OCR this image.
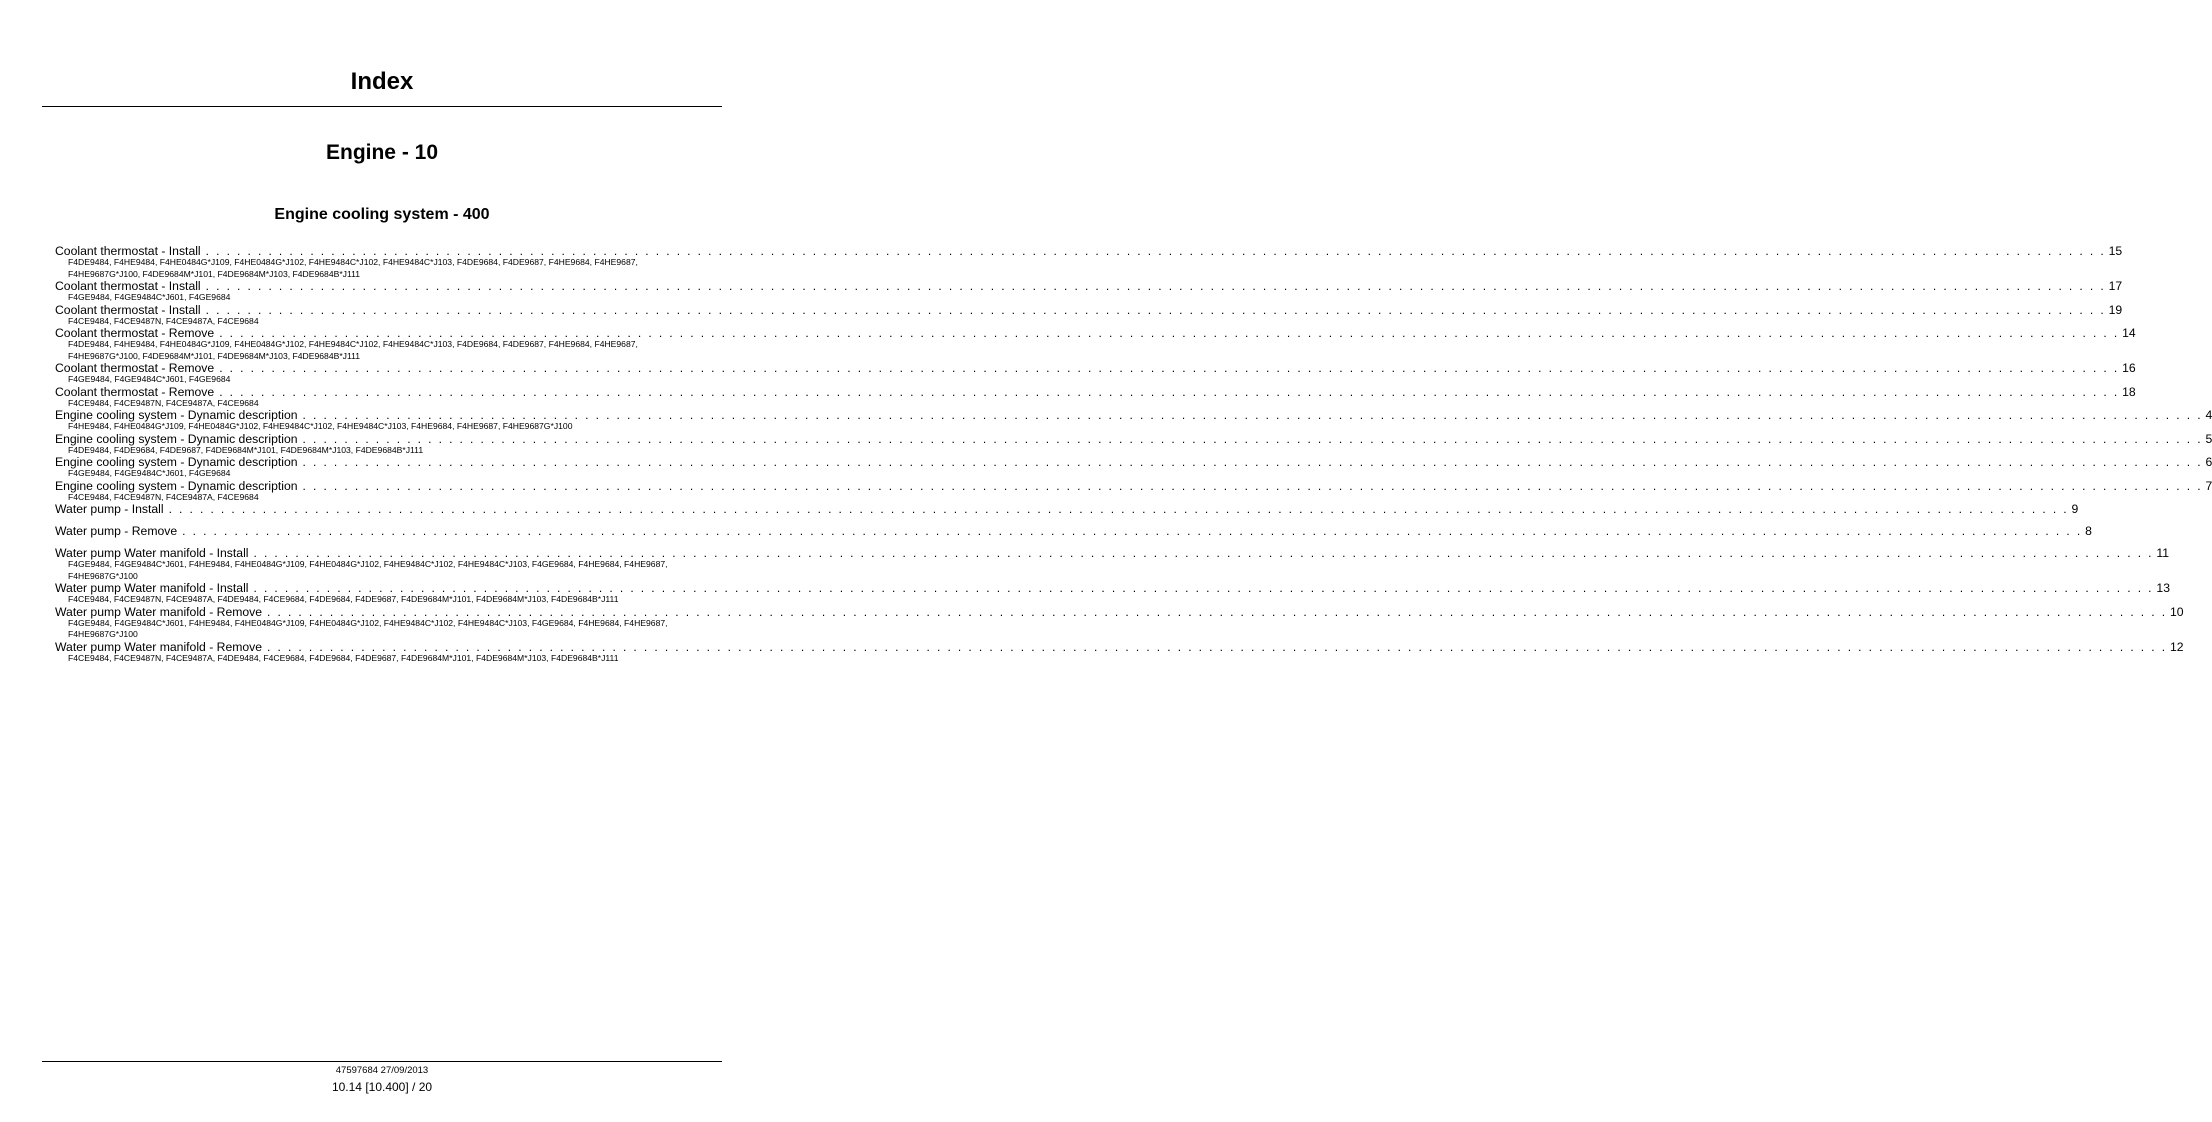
Index
Engine - 10
Engine cooling system - 400
Coolant thermostat - Install . . . . . . . . . . . . . . . . . . . . . . . . . . . . . . . . . . . . . . . . . . . . . . . . . . . . . . . . . . . . . . . . . . . . . . . . . . . . . . . . . . . . . . . . . . . . . . . . . . . . . . . . . . . . . . . . . . . . . . . . . . . . . . . . . . . . . . . . . . . . . . . . . . . . . . . . . . . . . . . . . . . . . . . . . . . . . . . . . . . . . . 15
F4DE9484, F4HE9484, F4HE0484G*J109, F4HE0484G*J102, F4HE9484C*J102, F4HE9484C*J103, F4DE9684, F4DE9687, F4HE9684, F4HE9687, F4HE9687G*J100, F4DE9684M*J101, F4DE9684M*J103, F4DE9684B*J111
Coolant thermostat - Install . . . . . . . . . . . . . . . . . . . . . . . . . . . . . . . . . . . . . . . . . . . . . . . . . . . . . . . . . . . . . . . . . . . . . . . . . . . . . . . . . . . . . . . . . . . . . . . . . . . . . . . . . . . . . . . . . . . . . . . . . . . . . . . . . . . . . . . . . . . . . . . . . . . . . . . . . . . . . . . . . . . . . . . . . . . . . . . . . . . . . . 17
F4GE9484, F4GE9484C*J601, F4GE9684
Coolant thermostat - Install . . . . . . . . . . . . . . . . . . . . . . . . . . . . . . . . . . . . . . . . . . . . . . . . . . . . . . . . . . . . . . . . . . . . . . . . . . . . . . . . . . . . . . . . . . . . . . . . . . . . . . . . . . . . . . . . . . . . . . . . . . . . . . . . . . . . . . . . . . . . . . . . . . . . . . . . . . . . . . . . . . . . . . . . . . . . . . . . . . . . . . 19
F4CE9484, F4CE9487N, F4CE9487A, F4CE9684
Coolant thermostat - Remove . . . . . . . . . . . . . . . . . . . . . . . . . . . . . . . . . . . . . . . . . . . . . . . . . . . . . . . . . . . . . . . . . . . . . . . . . . . . . . . . . . . . . . . . . . . . . . . . . . . . . . . . . . . . . . . . . . . . . . . . . . . . . . . . . . . . . . . . . . . . . . . . . . . . . . . . . . . . . . . . . . . . . . . . . . . . . . . . . . . . . . 14
F4DE9484, F4HE9484, F4HE0484G*J109, F4HE0484G*J102, F4HE9484C*J102, F4HE9484C*J103, F4DE9684, F4DE9687, F4HE9684, F4HE9687, F4HE9687G*J100, F4DE9684M*J101, F4DE9684M*J103, F4DE9684B*J111
Coolant thermostat - Remove . . . . . . . . . . . . . . . . . . . . . . . . . . . . . . . . . . . . . . . . . . . . . . . . . . . . . . . . . . . . . . . . . . . . . . . . . . . . . . . . . . . . . . . . . . . . . . . . . . . . . . . . . . . . . . . . . . . . . . . . . . . . . . . . . . . . . . . . . . . . . . . . . . . . . . . . . . . . . . . . . . . . . . . . . . . . . . . . . . . . . . 16
F4GE9484, F4GE9484C*J601, F4GE9684
Coolant thermostat - Remove . . . . . . . . . . . . . . . . . . . . . . . . . . . . . . . . . . . . . . . . . . . . . . . . . . . . . . . . . . . . . . . . . . . . . . . . . . . . . . . . . . . . . . . . . . . . . . . . . . . . . . . . . . . . . . . . . . . . . . . . . . . . . . . . . . . . . . . . . . . . . . . . . . . . . . . . . . . . . . . . . . . . . . . . . . . . . . . . . . . . . . 18
F4CE9484, F4CE9487N, F4CE9487A, F4CE9684
Engine cooling system - Dynamic description . . . . . . . . . . . . . . . . . . . . . . . . . . . . . . . . . . . . . . . . . . . . . . . . . . . . . . . . . . . . . . . . . . . . . . . . . . . . . . . . . . . . . . . . . . . . . . . . . . . . . . . . . . . . . . . . . . . . . . . . . . . . . . . . . . . . . . . . . . . . . . . . . . . . . . . . . . . . . . . . . . . . . . . . . . . . . . . . . . . . . . 4
F4HE9484, F4HE0484G*J109, F4HE0484G*J102, F4HE9484C*J102, F4HE9484C*J103, F4HE9684, F4HE9687, F4HE9687G*J100
Engine cooling system - Dynamic description . . . . . . . . . . . . . . . . . . . . . . . . . . . . . . . . . . . . . . . . . . . . . . . . . . . . . . . . . . . . . . . . . . . . . . . . . . . . . . . . . . . . . . . . . . . . . . . . . . . . . . . . . . . . . . . . . . . . . . . . . . . . . . . . . . . . . . . . . . . . . . . . . . . . . . . . . . . . . . . . . . . . . . . . . . . . . . . . . . . . . . 5
F4DE9484, F4DE9684, F4DE9687, F4DE9684M*J101, F4DE9684M*J103, F4DE9684B*J111
Engine cooling system - Dynamic description . . . . . . . . . . . . . . . . . . . . . . . . . . . . . . . . . . . . . . . . . . . . . . . . . . . . . . . . . . . . . . . . . . . . . . . . . . . . . . . . . . . . . . . . . . . . . . . . . . . . . . . . . . . . . . . . . . . . . . . . . . . . . . . . . . . . . . . . . . . . . . . . . . . . . . . . . . . . . . . . . . . . . . . . . . . . . . . . . . . . . . 6
F4GE9484, F4GE9484C*J601, F4GE9684
Engine cooling system - Dynamic description . . . . . . . . . . . . . . . . . . . . . . . . . . . . . . . . . . . . . . . . . . . . . . . . . . . . . . . . . . . . . . . . . . . . . . . . . . . . . . . . . . . . . . . . . . . . . . . . . . . . . . . . . . . . . . . . . . . . . . . . . . . . . . . . . . . . . . . . . . . . . . . . . . . . . . . . . . . . . . . . . . . . . . . . . . . . . . . . . . . . . . 7
F4CE9484, F4CE9487N, F4CE9487A, F4CE9684
Water pump - Install . . . . . . . . . . . . . . . . . . . . . . . . . . . . . . . . . . . . . . . . . . . . . . . . . . . . . . . . . . . . . . . . . . . . . . . . . . . . . . . . . . . . . . . . . . . . . . . . . . . . . . . . . . . . . . . . . . . . . . . . . . . . . . . . . . . . . . . . . . . . . . . . . . . . . . . . . . . . . . . . . . . . . . . . . . . . . . . . . . . . . . 9
Water pump - Remove . . . . . . . . . . . . . . . . . . . . . . . . . . . . . . . . . . . . . . . . . . . . . . . . . . . . . . . . . . . . . . . . . . . . . . . . . . . . . . . . . . . . . . . . . . . . . . . . . . . . . . . . . . . . . . . . . . . . . . . . . . . . . . . . . . . . . . . . . . . . . . . . . . . . . . . . . . . . . . . . . . . . . . . . . . . . . . . . . . . . . . 8
Water pump Water manifold - Install . . . . . . . . . . . . . . . . . . . . . . . . . . . . . . . . . . . . . . . . . . . . . . . . . . . . . . . . . . . . . . . . . . . . . . . . . . . . . . . . . . . . . . . . . . . . . . . . . . . . . . . . . . . . . . . . . . . . . . . . . . . . . . . . . . . . . . . . . . . . . . . . . . . . . . . . . . . . . . . . . . . . . . . . . . . . . . . . . . . . . . 11
F4GE9484, F4GE9484C*J601, F4HE9484, F4HE0484G*J109, F4HE0484G*J102, F4HE9484C*J102, F4HE9484C*J103, F4GE9684, F4HE9684, F4HE9687, F4HE9687G*J100
Water pump Water manifold - Install . . . . . . . . . . . . . . . . . . . . . . . . . . . . . . . . . . . . . . . . . . . . . . . . . . . . . . . . . . . . . . . . . . . . . . . . . . . . . . . . . . . . . . . . . . . . . . . . . . . . . . . . . . . . . . . . . . . . . . . . . . . . . . . . . . . . . . . . . . . . . . . . . . . . . . . . . . . . . . . . . . . . . . . . . . . . . . . . . . . . . . 13
F4CE9484, F4CE9487N, F4CE9487A, F4DE9484, F4CE9684, F4DE9684, F4DE9687, F4DE9684M*J101, F4DE9684M*J103, F4DE9684B*J111
Water pump Water manifold - Remove . . . . . . . . . . . . . . . . . . . . . . . . . . . . . . . . . . . . . . . . . . . . . . . . . . . . . . . . . . . . . . . . . . . . . . . . . . . . . . . . . . . . . . . . . . . . . . . . . . . . . . . . . . . . . . . . . . . . . . . . . . . . . . . . . . . . . . . . . . . . . . . . . . . . . . . . . . . . . . . . . . . . . . . . . . . . . . . . . . . . . . 10
F4GE9484, F4GE9484C*J601, F4HE9484, F4HE0484G*J109, F4HE0484G*J102, F4HE9484C*J102, F4HE9484C*J103, F4GE9684, F4HE9684, F4HE9687, F4HE9687G*J100
Water pump Water manifold - Remove . . . . . . . . . . . . . . . . . . . . . . . . . . . . . . . . . . . . . . . . . . . . . . . . . . . . . . . . . . . . . . . . . . . . . . . . . . . . . . . . . . . . . . . . . . . . . . . . . . . . . . . . . . . . . . . . . . . . . . . . . . . . . . . . . . . . . . . . . . . . . . . . . . . . . . . . . . . . . . . . . . . . . . . . . . . . . . . . . . . . . . 12
F4CE9484, F4CE9487N, F4CE9487A, F4DE9484, F4CE9684, F4DE9684, F4DE9687, F4DE9684M*J101, F4DE9684M*J103, F4DE9684B*J111
47597684 27/09/2013
10.14 [10.400] / 20
